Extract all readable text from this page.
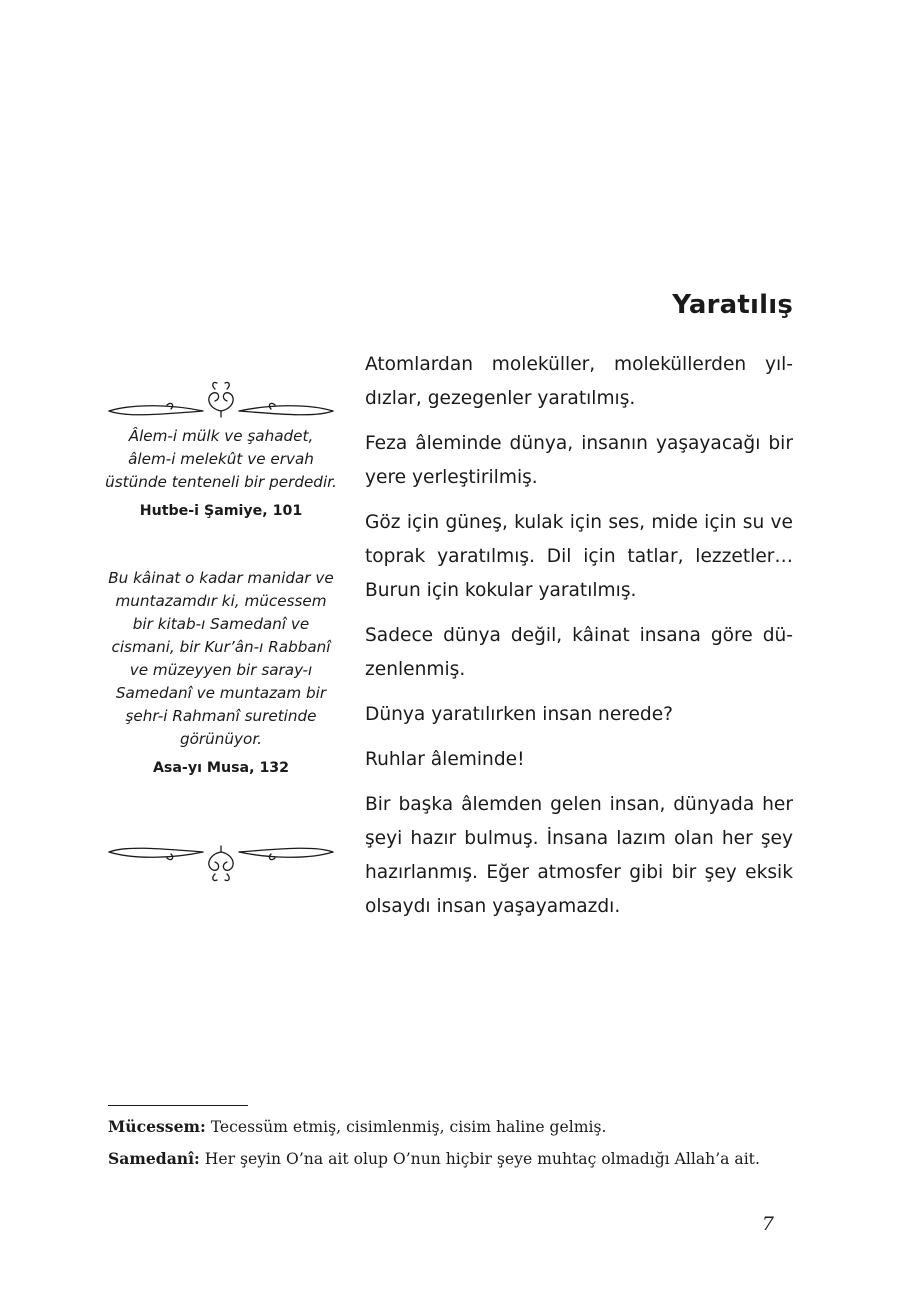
Yaratılış

Atomlardan moleküller, moleküllerden yıl-dızlar, gezegenler yaratılmış.

Feza âleminde dünya, insanın yaşayacağı bir yere yerleştirilmiş.

Göz için güneş, kulak için ses, mide için su ve toprak yaratılmış. Dil için tatlar, lezzetler… Burun için kokular yaratılmış.

Sadece dünya değil, kâinat insana göre dü-zenlenmiş.

Dünya yaratılırken insan nerede?

Ruhlar âleminde!

Bir başka âlemden gelen insan, dünyada her şeyi hazır bulmuş. İnsana lazım olan her şey hazırlanmış. Eğer atmosfer gibi bir şey eksik olsaydı insan yaşayamazdı.

Âlem-i mülk ve şahadet, âlem-i melekût ve ervah üstünde tenteneli bir perdedir.

Hutbe-i Şamiye, 101

Bu kâinat o kadar manidar ve muntazamdır ki, mücessem bir kitab-ı Samedanî ve cismani, bir Kur’ân-ı Rabbanî ve müzeyyen bir saray-ı Samedanî ve muntazam bir şehr-i Rahmanî suretinde görünüyor.

Asa-yı Musa, 132

Mücessem: Tecessüm etmiş, cisimlenmiş, cisim haline gelmiş.
Samedanî: Her şeyin O’na ait olup O’nun hiçbir şeye muhtaç olmadığı Allah’a ait.
7
